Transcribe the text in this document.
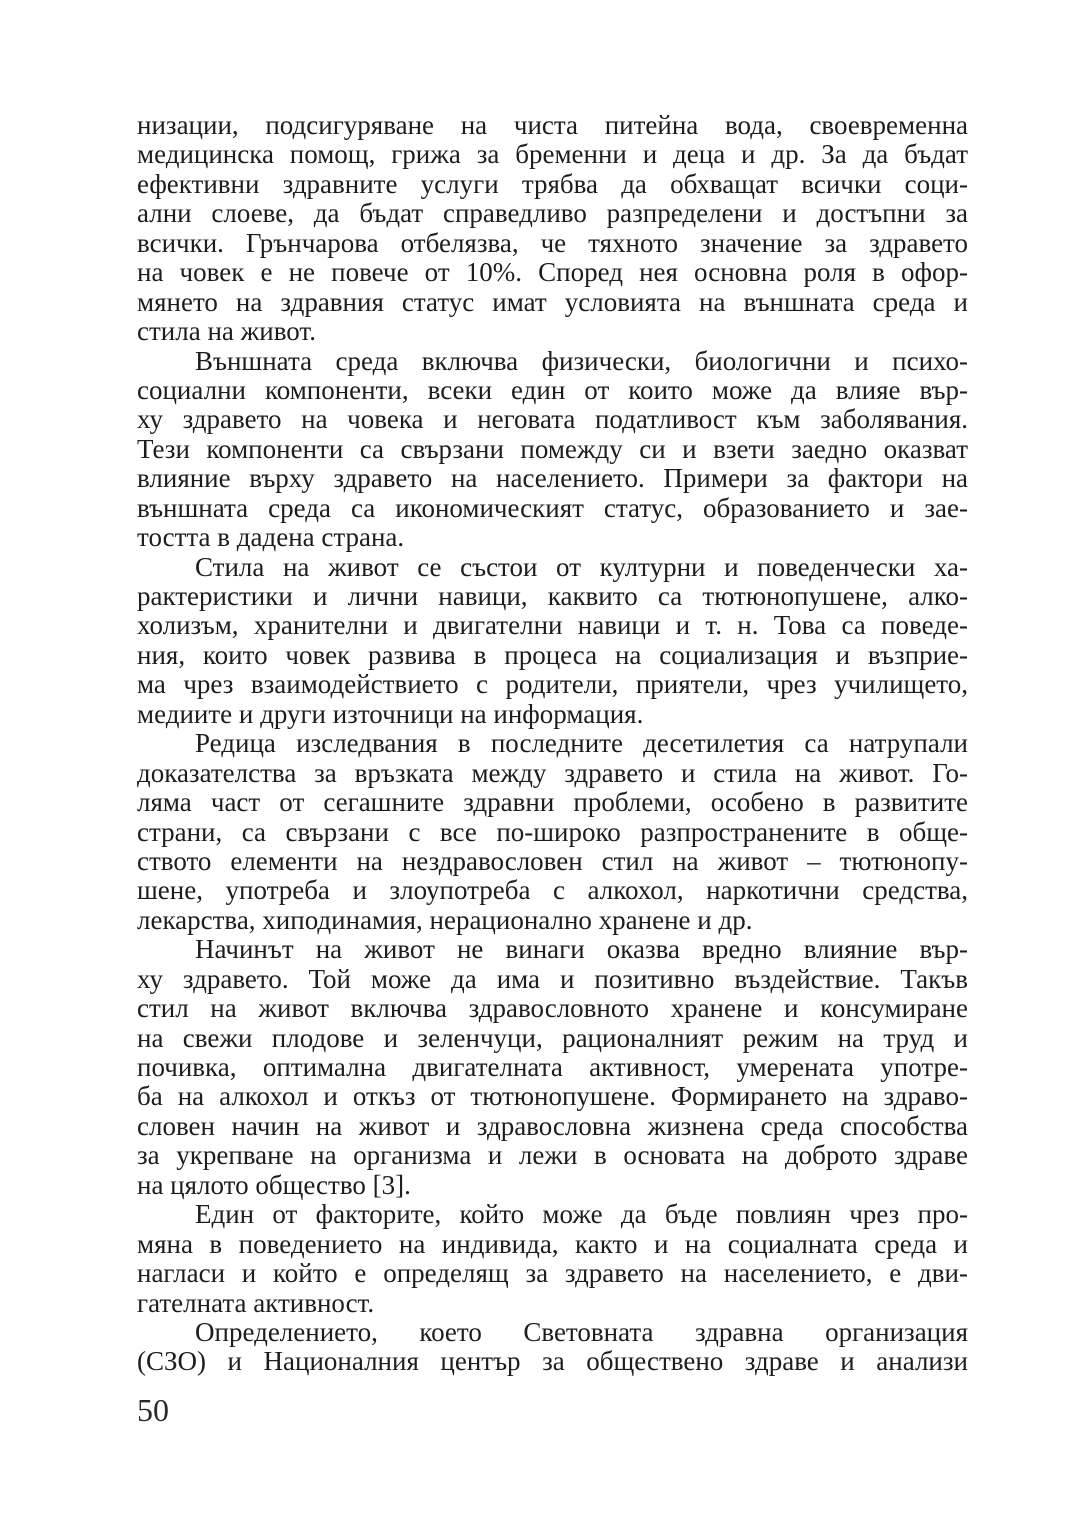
низации, подсигуряване на чиста питейна вода, своевременна
медицинска помощ, грижа за бременни и деца и др. За да бъдат
ефективни здравните услуги трябва да обхващат всички соци-
ални слоеве, да бъдат справедливо разпределени и достъпни за
всички. Грънчарова отбелязва, че тяхното значение за здравето
на човек е не повече от 10%. Според нея основна роля в офор-
мянето на здравния статус имат условията на външната среда и
стила на живот.
Външната среда включва физически, биологични и психо-
социални компоненти, всеки един от които може да влияе вър-
ху здравето на човека и неговата податливост към заболявания.
Тези компоненти са свързани помежду си и взети заедно оказват
влияние върху здравето на населението. Примери за фактори на
външната среда са икономическият статус, образованието и зае-
тостта в дадена страна.
Стила на живот се състои от културни и поведенчески ха-
рактеристики и лични навици, каквито са тютюнопушене, алко-
холизъм, хранителни и двигателни навици и т. н. Това са поведе-
ния, които човек развива в процеса на социализация и възприе-
ма чрез взаимодействието с родители, приятели, чрез училището,
медиите и други източници на информация.
Редица изследвания в последните десетилетия са натрупали
доказателства за връзката между здравето и стила на живот. Го-
ляма част от сегашните здравни проблеми, особено в развитите
страни, са свързани с все по-широко разпространените в обще-
ството елементи на нездравословен стил на живот – тютюнопу-
шене, употреба и злоупотреба с алкохол, наркотични средства,
лекарства, хиподинамия, нерационално хранене и др.
Начинът на живот не винаги оказва вредно влияние вър-
ху здравето. Той може да има и позитивно въздействие. Такъв
стил на живот включва здравословното хранене и консумиране
на свежи плодове и зеленчуци, рационалният режим на труд и
почивка, оптимална двигателната активност, умерената употре-
ба на алкохол и откъз от тютюнопушене. Формирането на здраво-
словен начин на живот и здравословна жизнена среда способства
за укрепване на организма и лежи в основата на доброто здраве
на цялото общество [3].
Един от факторите, който може да бъде повлиян чрез про-
мяна в поведението на индивида, както и на социалната среда и
нагласи и който е определящ за здравето на населението, е дви-
гателната активност.
Определението, което Световната здравна организация
(СЗО) и Националния център за обществено здраве и анализи
50
